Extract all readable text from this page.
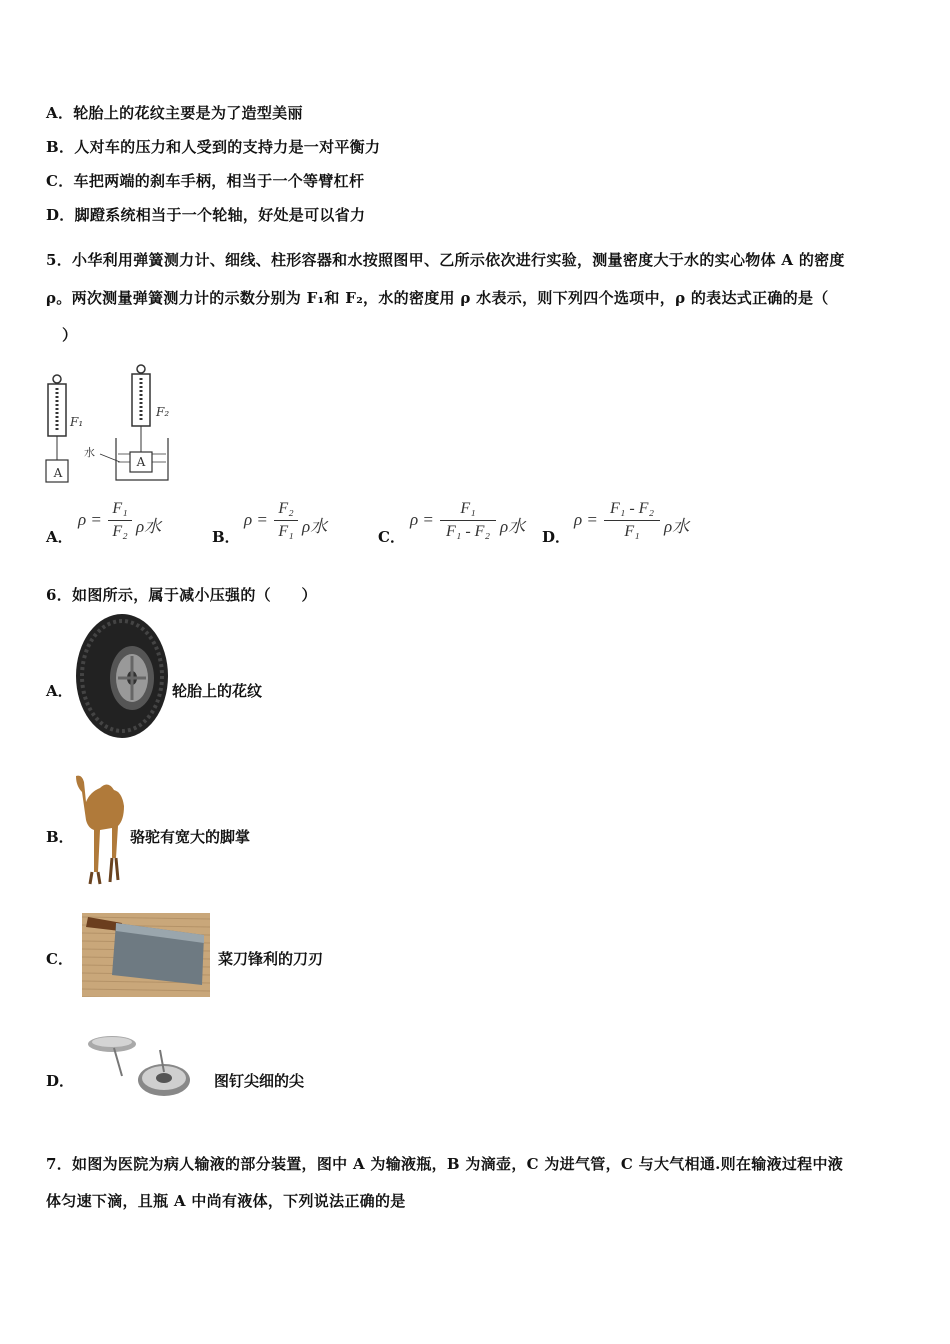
A．轮胎上的花纹主要是为了造型美丽
B．人对车的压力和人受到的支持力是一对平衡力
C．车把两端的刹车手柄，相当于一个等臂杠杆
D．脚蹬系统相当于一个轮轴，好处是可以省力
5．小华利用弹簧测力计、细线、柱形容器和水按照图甲、乙所示依次进行实验，测量密度大于水的实心物体 A 的密度
ρ。两次测量弹簧测力计的示数分别为 F₁和 F₂，水的密度用 ρ 水表示，则下列四个选项中，ρ 的表达式正确的是（
）
A
F₁
A
F₂
水
A．
ρ =
F₁
F₂ ρ水
B．
ρ =
F₂
F₁ ρ水
C．
ρ =
F₁
F₁ - F₂ ρ水
D．
ρ =
F₁ - F₂
F₁	ρ水
6．如图所示，属于减小压强的（　　）
A．	轮胎上的花纹
B．	骆驼有宽大的脚掌
C．	菜刀锋利的刀刃
D．	图钉尖细的尖
7．如图为医院为病人输液的部分装置，图中 A 为输液瓶，B 为滴壶，C 为进气管，C 与大气相通.则在输液过程中液
体匀速下滴，且瓶 A 中尚有液体，下列说法正确的是
